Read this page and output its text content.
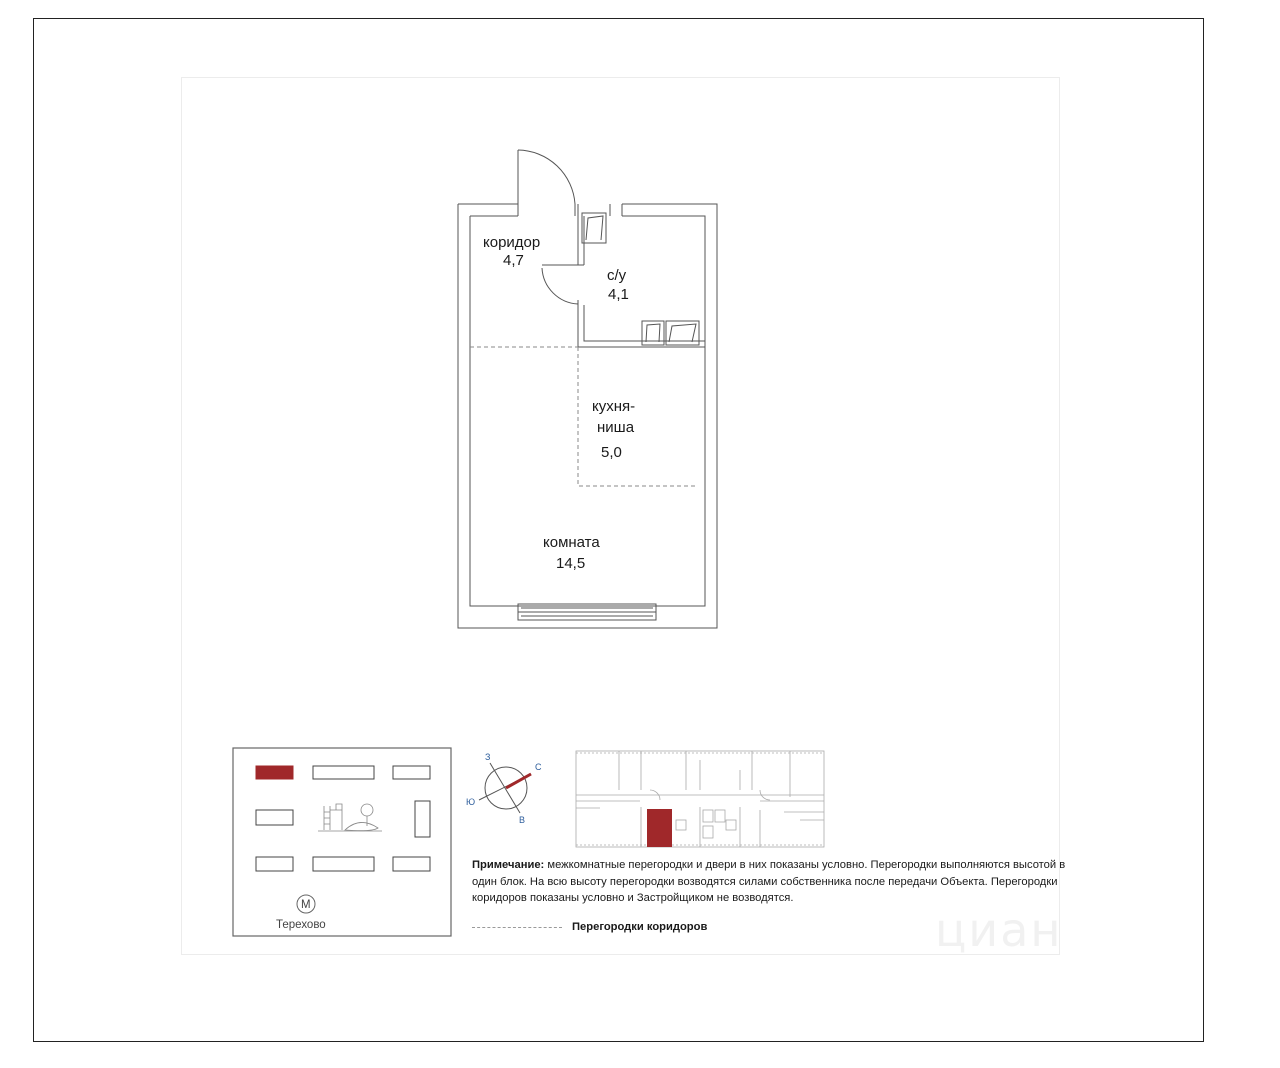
коридор
4,7
с/у
4,1
кухня-
ниша
5,0
комната
14,5
М
Терехово
З
С
Ю
В
Примечание: межкомнатные перегородки и двери в них показаны условно. Перегородки выполняются высотой в один блок. На всю высоту перегородки возводятся силами собственника после передачи Объекта. Перегородки коридоров показаны условно и Застройщиком не возводятся.
Перегородки коридоров	циан
